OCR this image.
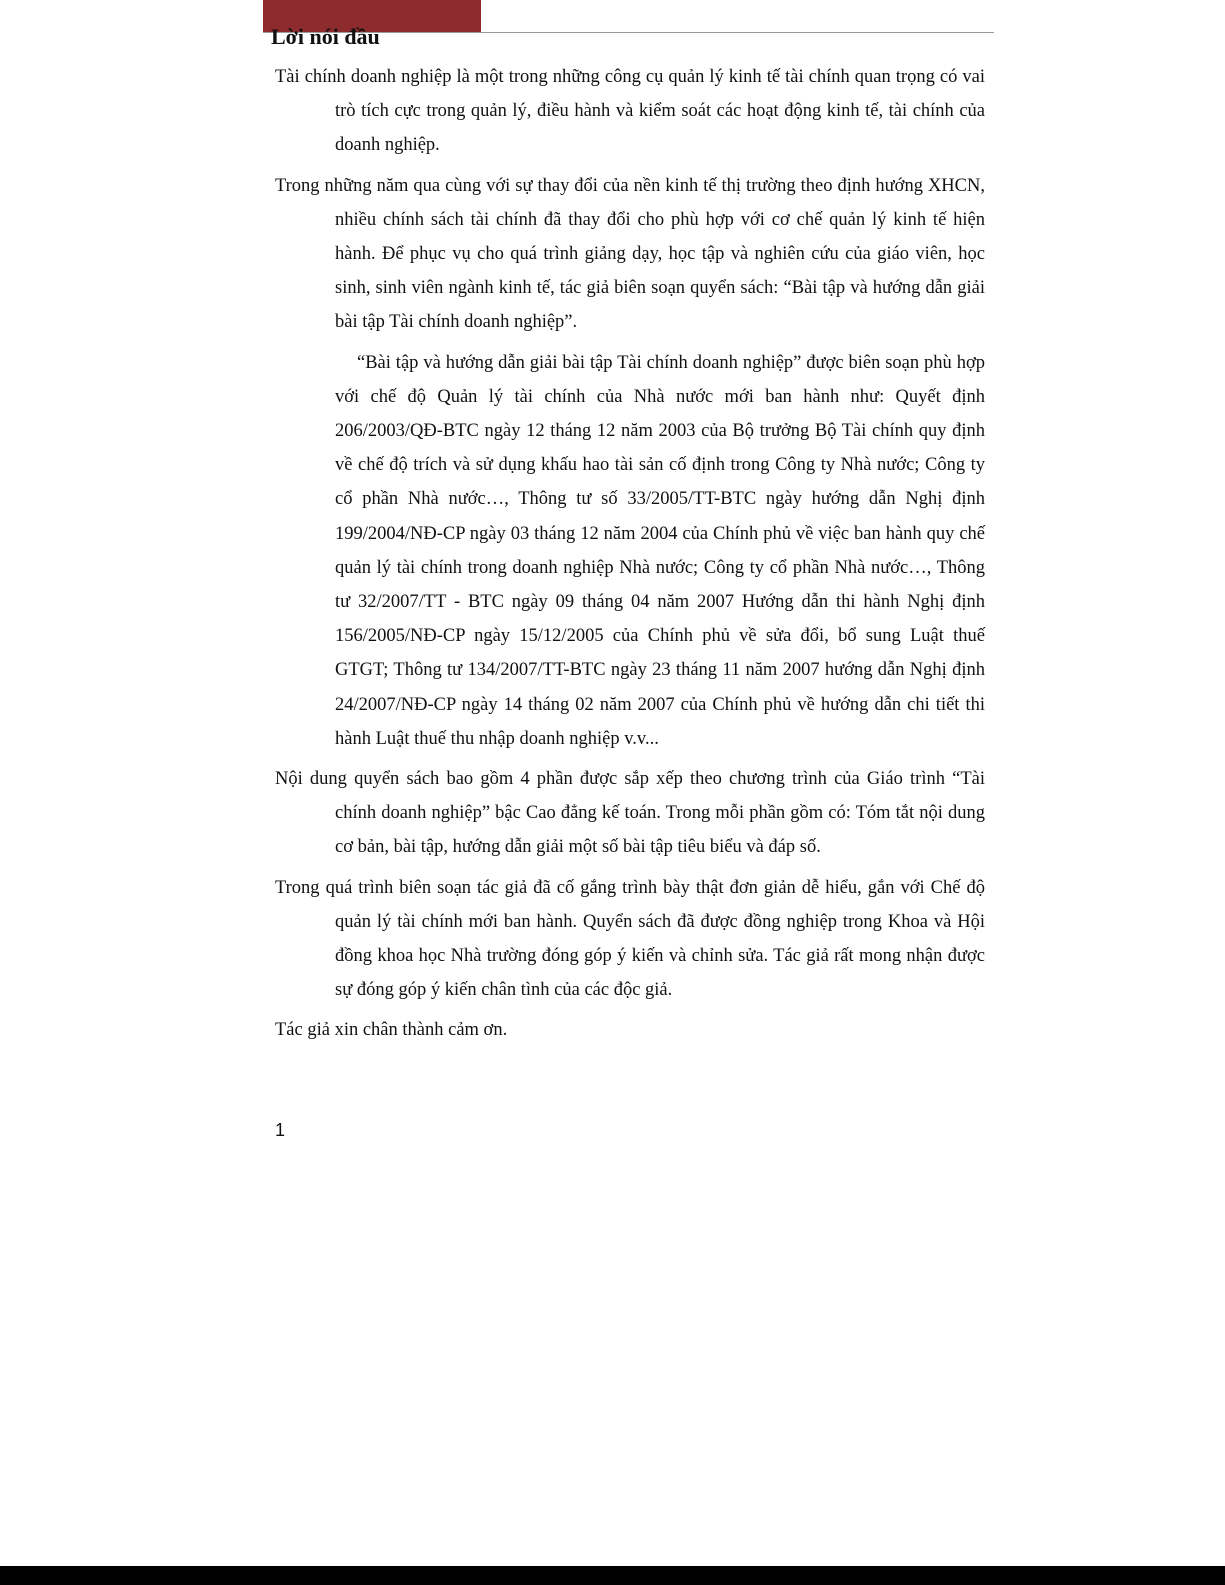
Lời nói đầu

Tài chính doanh nghiệp là một trong những công cụ quản lý kinh tế tài chính quan trọng có vai trò tích cực trong quản lý, điều hành và kiểm soát các hoạt động kinh tế, tài chính của doanh nghiệp.

Trong những năm qua cùng với sự thay đổi của nền kinh tế thị trường theo định hướng XHCN, nhiều chính sách tài chính đã thay đổi cho phù hợp với cơ chế quản lý kinh tế hiện hành. Để phục vụ cho quá trình giảng dạy, học tập và nghiên cứu của giáo viên, học sinh, sinh viên ngành kinh tế, tác giả biên soạn quyển sách: “Bài tập và hướng dẫn giải bài tập Tài chính doanh nghiệp”.

“Bài tập và hướng dẫn giải bài tập Tài chính doanh nghiệp” được biên soạn phù hợp với chế độ Quản lý tài chính của Nhà nước mới ban hành như: Quyết định 206/2003/QĐ-BTC ngày 12 tháng 12 năm 2003 của Bộ trưởng Bộ Tài chính quy định về chế độ trích và sử dụng khấu hao tài sản cố định trong Công ty Nhà nước; Công ty cổ phần Nhà nước…, Thông tư số 33/2005/TT-BTC ngày hướng dẫn Nghị định 199/2004/NĐ-CP ngày 03 tháng 12 năm 2004 của Chính phủ về việc ban hành quy chế quản lý tài chính trong doanh nghiệp Nhà nước; Công ty cổ phần Nhà nước…, Thông tư 32/2007/TT - BTC ngày 09 tháng 04 năm 2007 Hướng dẫn thi hành Nghị định 156/2005/NĐ-CP ngày 15/12/2005 của Chính phủ về sửa đổi, bổ sung Luật thuế GTGT; Thông tư 134/2007/TT-BTC ngày 23 tháng 11 năm 2007 hướng dẫn Nghị định 24/2007/NĐ-CP ngày 14 tháng 02 năm 2007 của Chính phủ về hướng dẫn chi tiết thi hành Luật thuế thu nhập doanh nghiệp v.v...

Nội dung quyển sách bao gồm 4 phần được sắp xếp theo chương trình của Giáo trình “Tài chính doanh nghiệp” bậc Cao đẳng kế toán. Trong mỗi phần gồm có: Tóm tắt nội dung cơ bản, bài tập, hướng dẫn giải một số bài tập tiêu biểu và đáp số.

Trong quá trình biên soạn tác giả đã cố gắng trình bày thật đơn giản dễ hiểu, gắn với Chế độ quản lý tài chính mới ban hành. Quyển sách đã được đồng nghiệp trong Khoa và Hội đồng khoa học Nhà trường đóng góp ý kiến và chỉnh sửa. Tác giả rất mong nhận được sự đóng góp ý kiến chân tình của các độc giả.

Tác giả xin chân thành cảm ơn.

1
